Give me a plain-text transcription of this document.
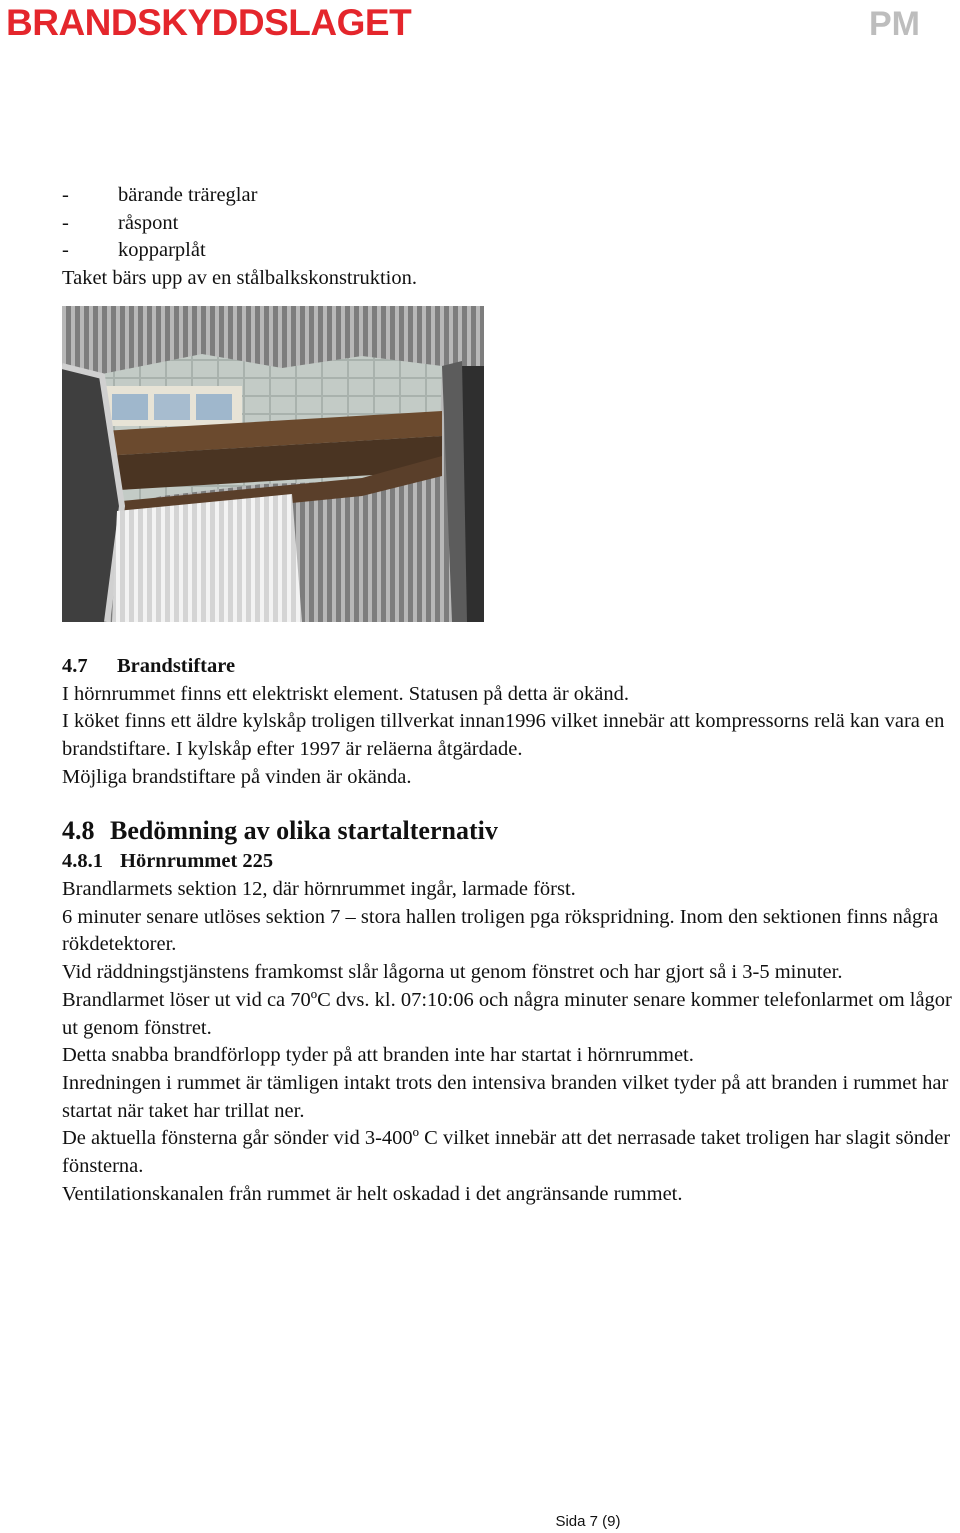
BRANDSKYDDSLAGET	PM
-	bärande träreglar
-	råspont
-	kopparplåt

Taket bärs upp av en stålbalkskonstruktion.

4.7 Brandstiftare

I hörnrummet finns ett elektriskt element. Statusen på detta är okänd.

I köket finns ett äldre kylskåp troligen tillverkat innan1996 vilket innebär att kompressorns relä kan vara en brandstiftare. I kylskåp efter 1997 är reläerna åtgärdade.

Möjliga brandstiftare på vinden är okända.

4.8 Bedömning av olika startalternativ
4.8.1 Hörnrummet 225

Brandlarmets sektion 12, där hörnrummet ingår, larmade först.

6 minuter senare utlöses sektion 7 – stora hallen troligen pga rökspridning. Inom den sektionen finns några rökdetektorer.

Vid räddningstjänstens framkomst slår lågorna ut genom fönstret och har gjort så i 3-5 minuter.

Brandlarmet löser ut vid ca 70ºC dvs. kl. 07:10:06 och några minuter senare kommer telefonlarmet om lågor ut genom fönstret.

Detta snabba brandförlopp tyder på att branden inte har startat i hörnrummet.

Inredningen i rummet är tämligen intakt trots den intensiva branden vilket tyder på att branden i rummet har startat när taket har trillat ner.

De aktuella fönsterna går sönder vid 3-400º C vilket innebär att det nerrasade taket troligen har slagit sönder fönsterna.

Ventilationskanalen från rummet är helt oskadad i det angränsande rummet.

Sida 7 (9)
